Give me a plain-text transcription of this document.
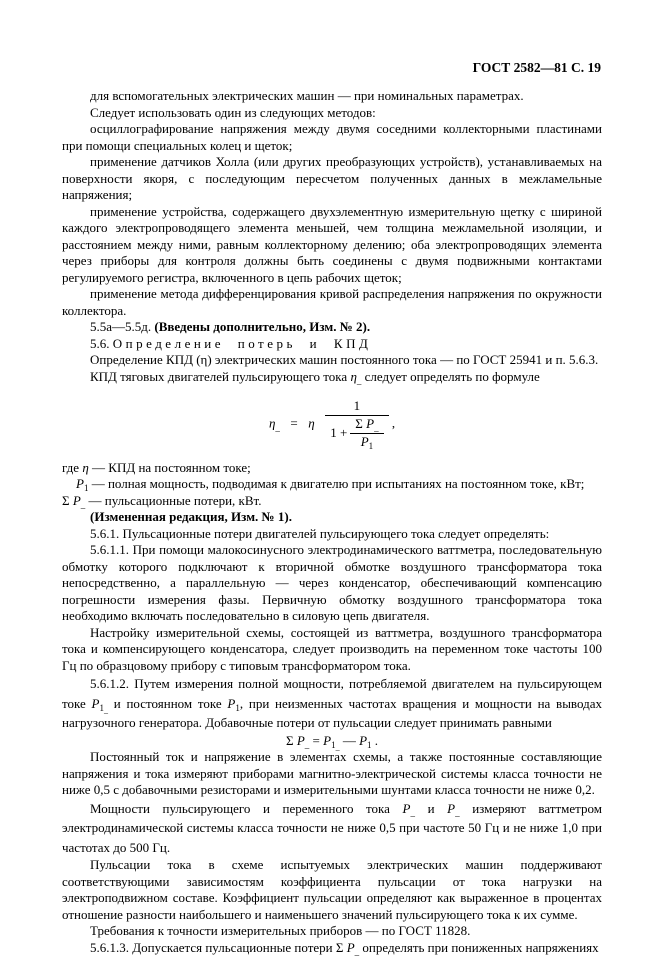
ГОСТ 2582—81 С. 19

для вспомогательных электрических машин — при номинальных параметрах.

Следует использовать один из следующих методов:

осциллографирование напряжения между двумя соседними коллекторными пластинами при помощи специальных колец и щеток;

применение датчиков Холла (или других преобразующих устройств), устанавливаемых на поверхности якоря, с последующим пересчетом полученных данных в межламельные напряжения;

применение устройства, содержащего двухэлементную измерительную щетку с шириной каждого электропроводящего элемента меньшей, чем толщина межламельной изоляции, и расстоянием между ними, равным коллекторному делению; оба электропроводящих элемента через приборы для контроля должны быть соединены с двумя подвижными контактами регулируемого регистра, включенного в цепь рабочих щеток;

применение метода дифференцирования кривой распределения напряжения по окружности коллектора.

5.5а—5.5д. (Введены дополнительно, Изм. № 2).

5.6. Определение потерь и КПД

Определение КПД (η) электрических машин постоянного тока — по ГОСТ 25941 и п. 5.6.3.

КПД тяговых двигателей пульсирующего тока $\eta_{\_}$ следует определять по формуле

$\eta_{\_} = \eta \frac{1}{1 + \frac{\Sigma P_{\_}}{P_1}}$ ,

где η — КПД на постоянном токе;

$P_1$ — полная мощность, подводимая к двигателю при испытаниях на постоянном токе, кВт;

Σ $P_{\_}$ — пульсационные потери, кВт.

(Измененная редакция, Изм. № 1).

5.6.1. Пульсационные потери двигателей пульсирующего тока следует определять:

5.6.1.1. При помощи малокосинусного электродинамического ваттметра, последовательную обмотку которого подключают к вторичной обмотке воздушного трансформатора тока непосредственно, а параллельную — через конденсатор, обеспечивающий компенсацию погрешности измерения фазы. Первичную обмотку воздушного трансформатора тока необходимо включать последовательно в силовую цепь двигателя.

Настройку измерительной схемы, состоящей из ваттметра, воздушного трансформатора тока и компенсирующего конденсатора, следует производить на переменном токе частоты 100 Гц по образцовому прибору с типовым трансформатором тока.

5.6.1.2. Путем измерения полной мощности, потребляемой двигателем на пульсирующем токе $P_{1\_}$ и постоянном токе $P_1$, при неизменных частотах вращения и мощности на выводах нагрузочного генератора. Добавочные потери от пульсации следует принимать равными

Σ $P_{\_} = P_{1\_}$ — $P_1$ .

Постоянный ток и напряжение в элементах схемы, а также постоянные составляющие напряжения и тока измеряют приборами магнитно-электрической системы класса точности не ниже 0,5 с добавочными резисторами и измерительными шунтами класса точности не ниже 0,2.

Мощности пульсирующего и переменного тока $P_{\_}$ и $P_{\_}$ измеряют ваттметром электродинамической системы класса точности не ниже 0,5 при частоте 50 Гц и не ниже 1,0 при частотах до 500 Гц.

Пульсации тока в схеме испытуемых электрических машин поддерживают соответствующими зависимостям коэффициента пульсации от тока нагрузки на электроподвижном составе. Коэффициент пульсации определяют как выраженное в процентах отношение разности наибольшего и наименьшего значений пульсирующего тока к их сумме.

Требования к точности измерительных приборов — по ГОСТ 11828.

5.6.1.3. Допускается пульсационные потери Σ $P_{\_}$ определять при пониженных напряжениях
